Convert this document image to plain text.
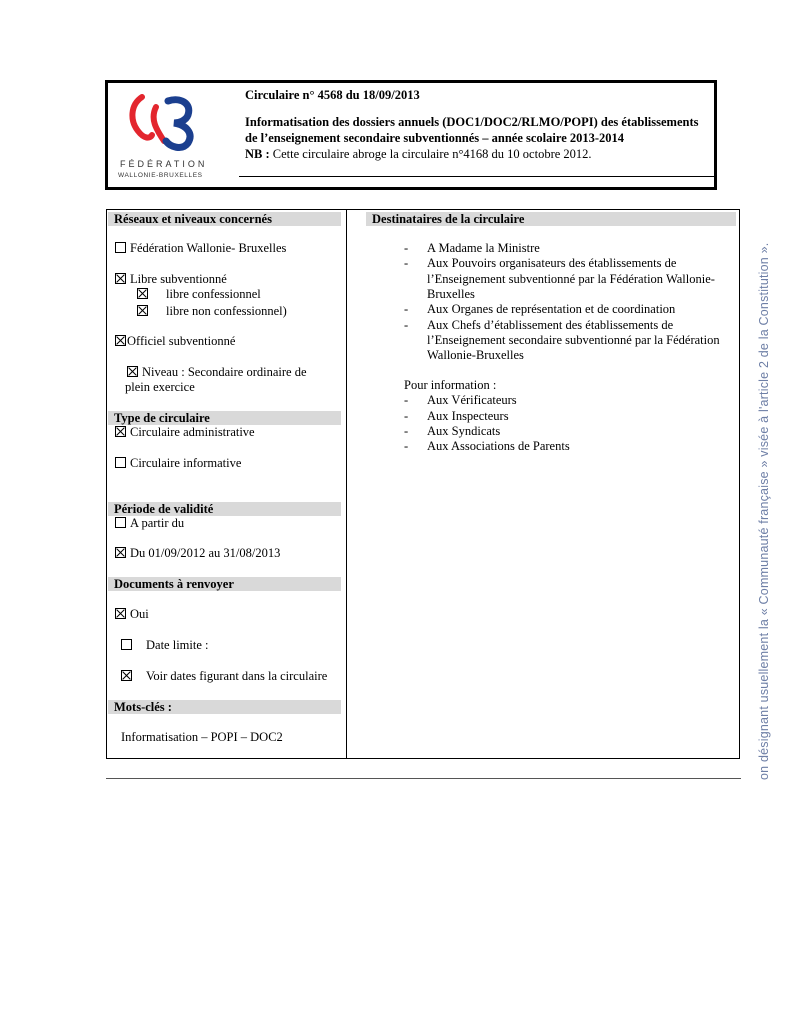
FÉDÉRATION
WALLONIE-BRUXELLES
Circulaire n° 4568 du 18/09/2013
Informatisation des dossiers annuels (DOC1/DOC2/RLMO/POPI) des établissements
de l’enseignement secondaire subventionnés – année scolaire 2013-2014
NB : Cette circulaire abroge la circulaire n°4168 du 10 octobre 2012.
Réseaux et niveaux concernés
Fédération Wallonie- Bruxelles
Libre subventionné
libre confessionnel
libre non confessionnel)
Officiel subventionné
Niveau : Secondaire ordinaire de
plein exercice
Type de circulaire
Circulaire administrative
Circulaire informative
Période de validité
A partir du
Du 01/09/2012 au 31/08/2013
Documents à renvoyer
Oui
Date limite :
Voir dates figurant dans la circulaire
Mots-clés :
Informatisation – POPI – DOC2
Destinataires de la circulaire
-	A Madame la Ministre
-	Aux Pouvoirs organisateurs des établissements de
l’Enseignement subventionné par la Fédération Wallonie-
Bruxelles
-	Aux Organes de représentation et de coordination
-	Aux Chefs d’établissement des établissements de
l’Enseignement secondaire subventionné par la Fédération
Wallonie-Bruxelles
Pour information :
-	Aux Vérificateurs
-	Aux Inspecteurs
-	Aux Syndicats
-	Aux Associations de Parents	on désignant usuellement la « Communauté française » visée à l'article 2 de la Constitution ».
